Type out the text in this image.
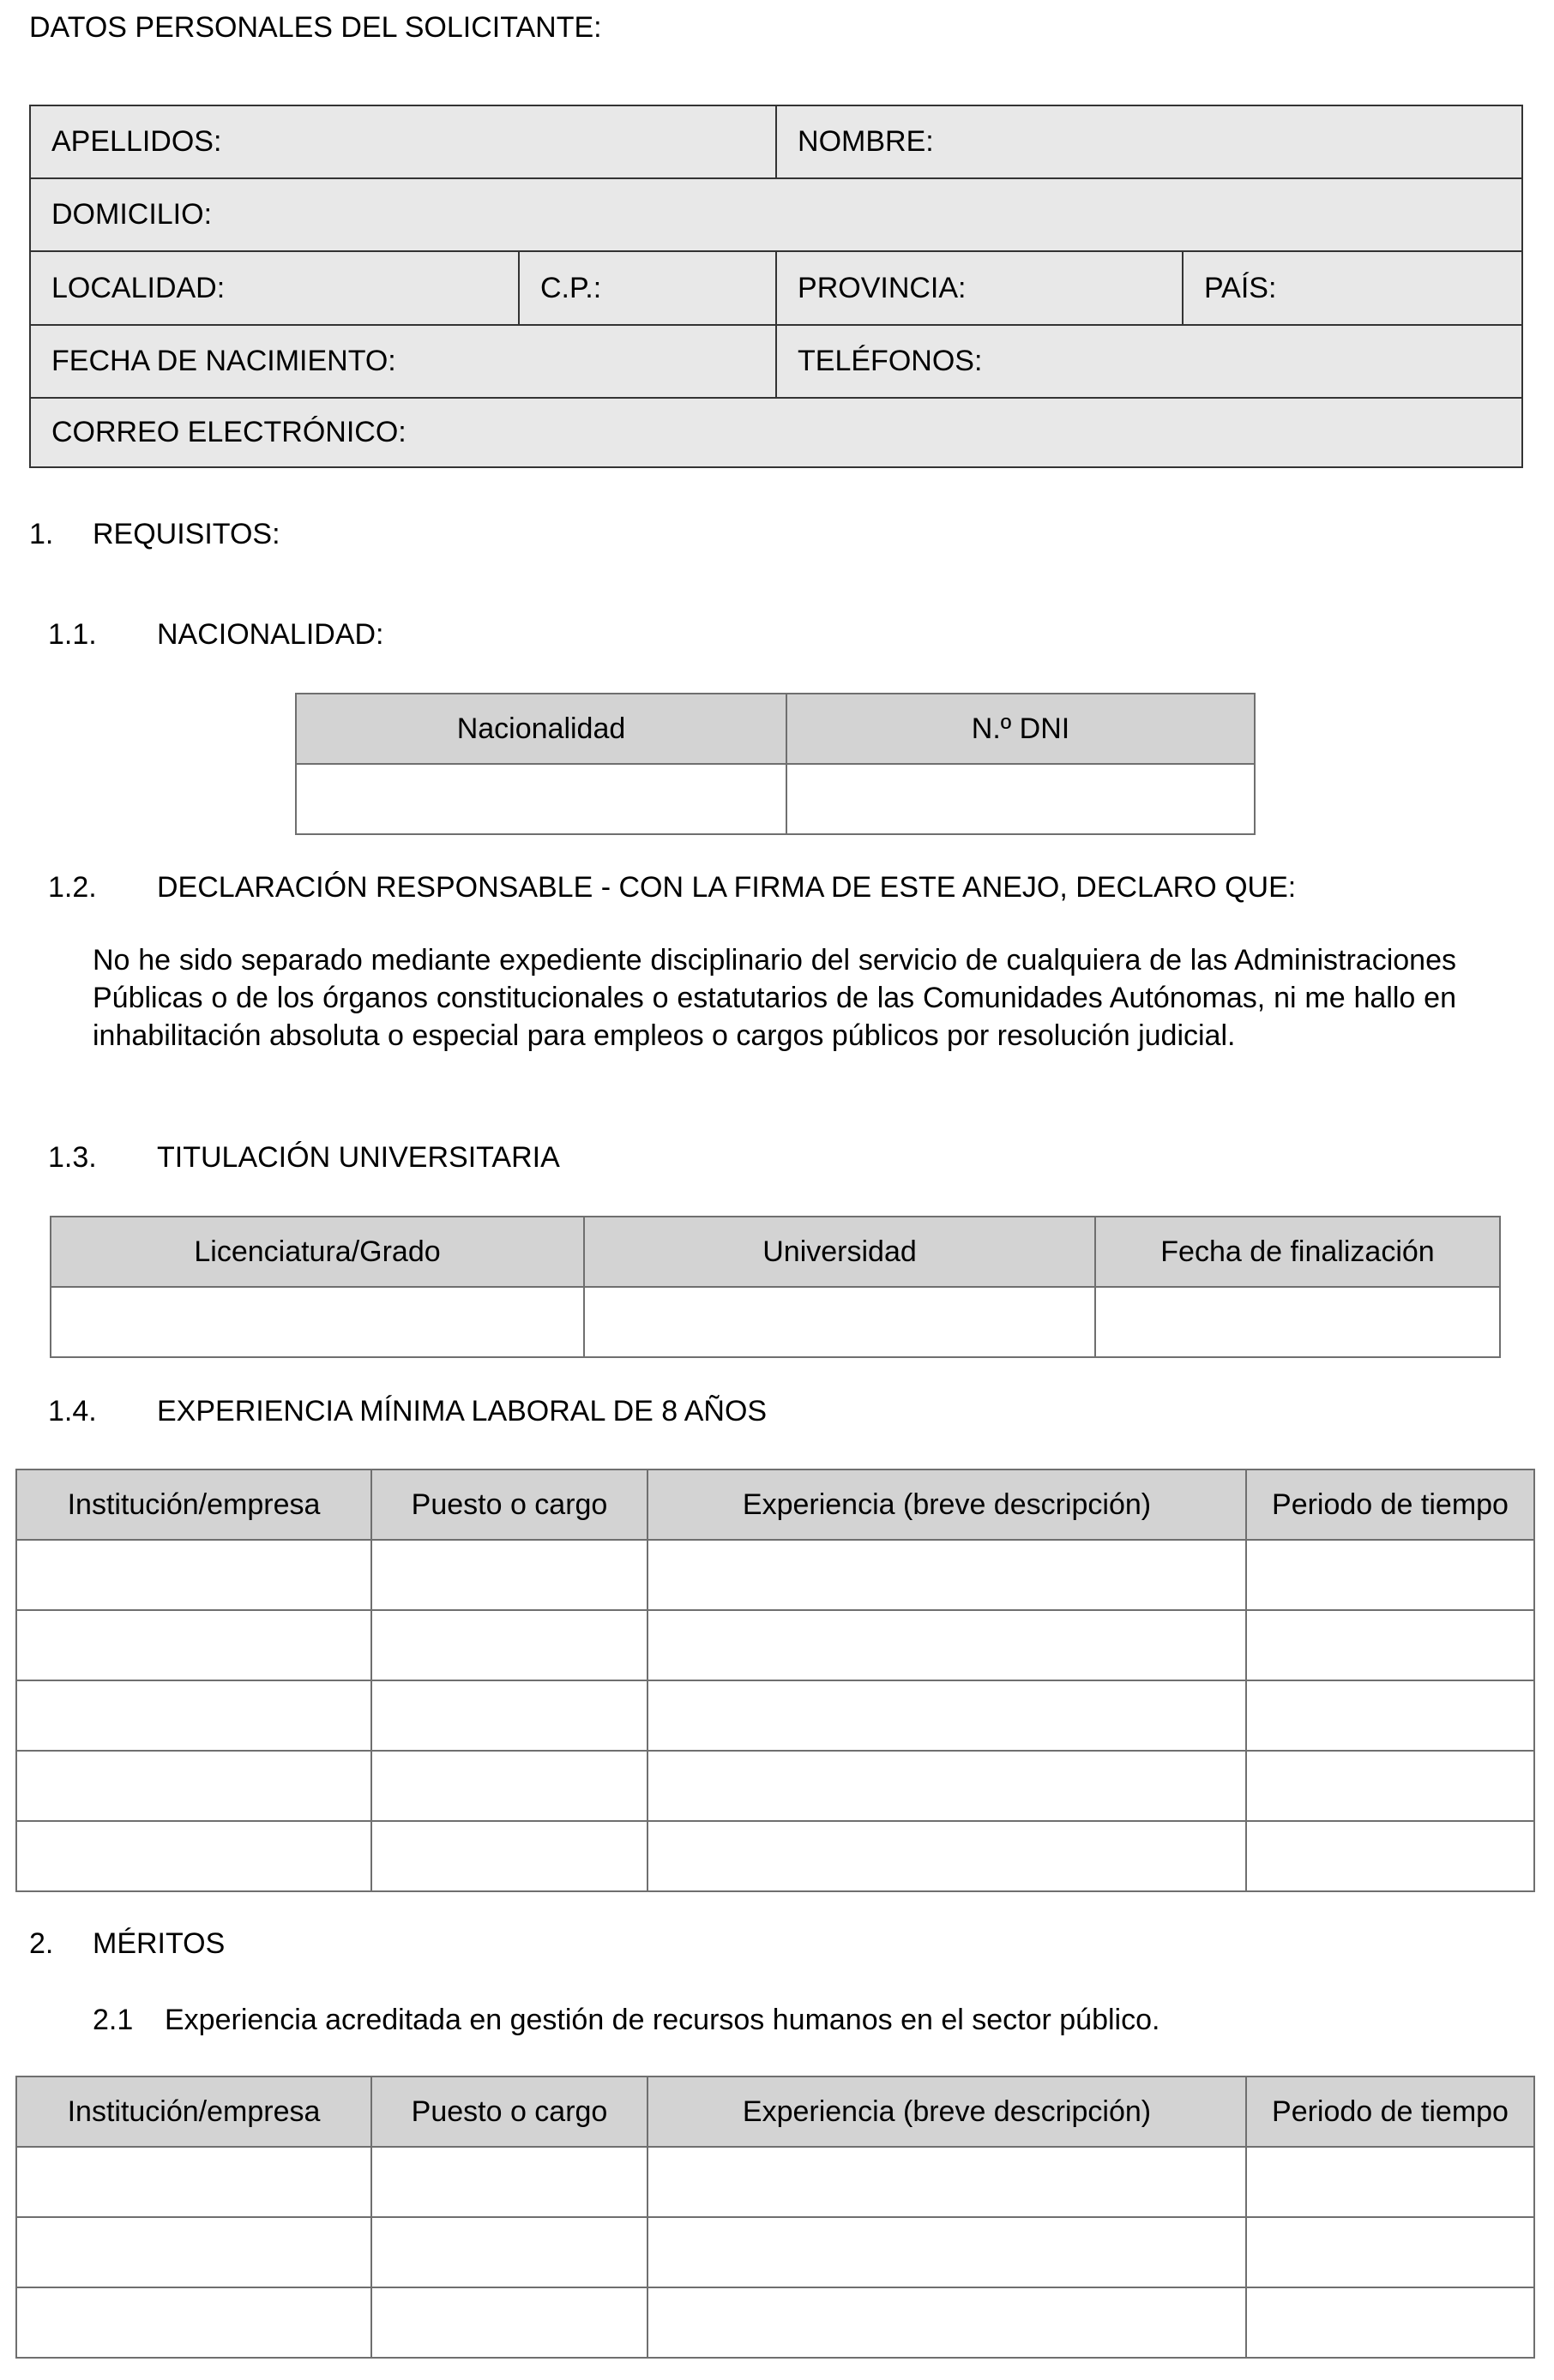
DATOS PERSONALES DEL SOLICITANTE:
APELLIDOS:		NOMBRE:	
DOMICILIO:			
LOCALIDAD:	C.P.:	PROVINCIA:	PAÍS:
FECHA DE NACIMIENTO:		TELÉFONOS:	
CORREO ELECTRÓNICO:			
1. REQUISITOS:
1.1. NACIONALIDAD:
Nacionalidad	N.º DNI

1.2. DECLARACIÓN RESPONSABLE - CON LA FIRMA DE ESTE ANEJO, DECLARO QUE:
No he sido separado mediante expediente disciplinario del servicio de cualquiera de las Administraciones Públicas o de los órganos constitucionales o estatutarios de las Comunidades Autónomas, ni me hallo en inhabilitación absoluta o especial para empleos o cargos públicos por resolución judicial.
1.3. TITULACIÓN UNIVERSITARIA
Licenciatura/Grado	Universidad	Fecha de finalización

1.4. EXPERIENCIA MÍNIMA LABORAL DE 8 AÑOS
Institución/empresa	Puesto o cargo	Experiencia (breve descripción)	Periodo de tiempo

2. MÉRITOS
2.1 Experiencia acreditada en gestión de recursos humanos en el sector público.
Institución/empresa	Puesto o cargo	Experiencia (breve descripción)	Periodo de tiempo
